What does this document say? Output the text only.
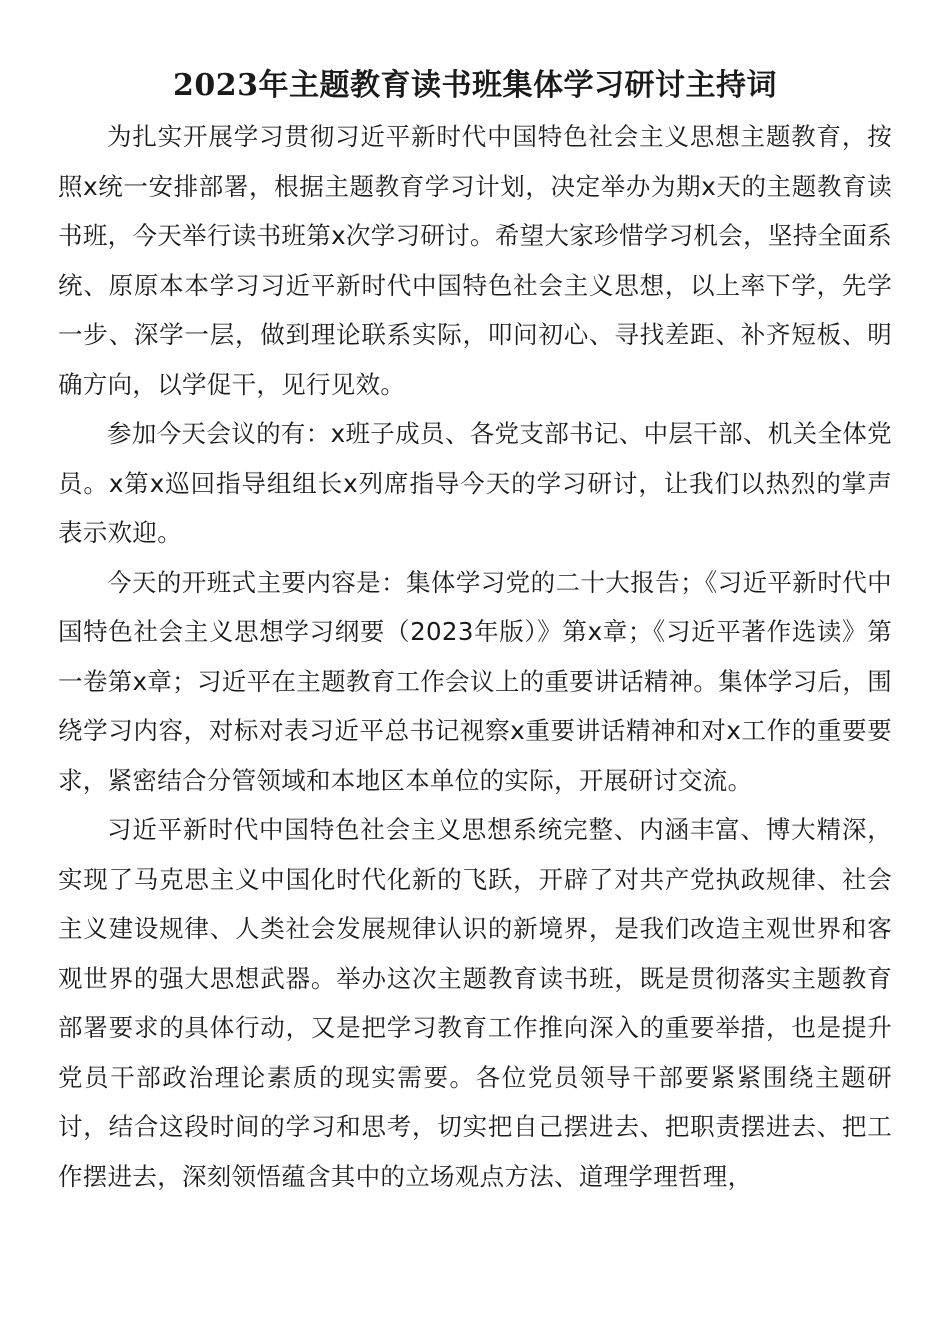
2023年主题教育读书班集体学习研讨主持词

为扎实开展学习贯彻习近平新时代中国特色社会主义思想主题教育，按照x统一安排部署，根据主题教育学习计划，决定举办为期x天的主题教育读书班，今天举行读书班第x次学习研讨。希望大家珍惜学习机会，坚持全面系统、原原本本学习习近平新时代中国特色社会主义思想，以上率下学，先学一步、深学一层，做到理论联系实际，叩问初心、寻找差距、补齐短板、明确方向，以学促干，见行见效。

参加今天会议的有：x班子成员、各党支部书记、中层干部、机关全体党员。x第x巡回指导组组长x列席指导今天的学习研讨，让我们以热烈的掌声表示欢迎。

今天的开班式主要内容是：集体学习党的二十大报告；《习近平新时代中国特色社会主义思想学习纲要（2023年版）》第x章；《习近平著作选读》第一卷第x章；习近平在主题教育工作会议上的重要讲话精神。集体学习后，围绕学习内容，对标对表习近平总书记视察x重要讲话精神和对x工作的重要要求，紧密结合分管领域和本地区本单位的实际，开展研讨交流。

习近平新时代中国特色社会主义思想系统完整、内涵丰富、博大精深，实现了马克思主义中国化时代化新的飞跃，开辟了对共产党执政规律、社会主义建设规律、人类社会发展规律认识的新境界，是我们改造主观世界和客观世界的强大思想武器。举办这次主题教育读书班，既是贯彻落实主题教育部署要求的具体行动，又是把学习教育工作推向深入的重要举措，也是提升党员干部政治理论素质的现实需要。各位党员领导干部要紧紧围绕主题研讨，结合这段时间的学习和思考，切实把自己摆进去、把职责摆进去、把工作摆进去，深刻领悟蕴含其中的立场观点方法、道理学理哲理，
